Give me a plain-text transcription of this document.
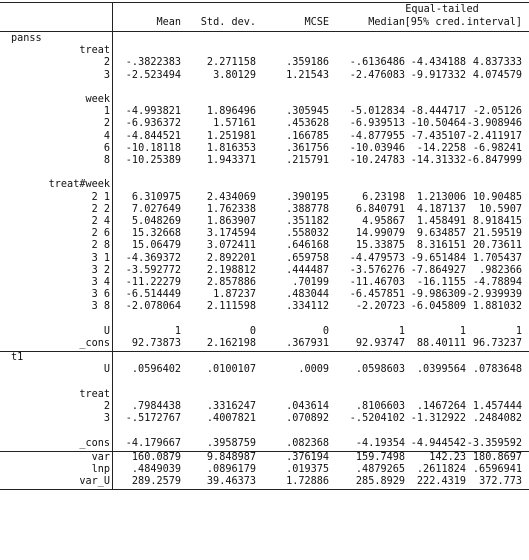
Equal-tailed
Mean Std. dev.	MCSE	Median [95% cred. interval]
panss
treat
2 -.3822383	2.271158	.359186 -.6136486 -4.434188 4.837333
3 -2.523494	3.80129	1.21543 -2.476083 -9.917332 4.074579
week
1 -4.993821	1.896496	.305945 -5.012834 -8.444717 -2.05126
2 -6.936372	1.57161	.453628 -6.939513 -10.50464 -3.908946
4 -4.844521	1.251981	.166785 -4.877955 -7.435107 -2.411917
6 -10.18118	1.816353	.361756 -10.03946 -14.2258 -6.98241
8 -10.25389	1.943371	.215791 -10.24783 -14.31332 -6.847999
treat#week
2 1 6.310975	2.434069	.390195	6.23198 1.213006 10.90485
2 2 7.027649	1.762338	.388778	6.840791 4.187137 10.5907
2 4 5.048269	1.863907	.351182	4.95867 1.458491 8.918415
2 6 15.32668	3.174594	.558032	14.99079 9.634857 21.59519
2 8 15.06479	3.072411	.646168	15.33875 8.316151 20.73611
3 1 -4.369372	2.892201	.659758 -4.479573 -9.651484 1.705437
3 2 -3.592772	2.198812	.444487 -3.576276 -7.864927 .982366
3 4 -11.22279	2.857886	.70199 -11.46703 -16.1155 -4.78894
3 6 -6.514449	1.87237	.483044 -6.457851 -9.986309 -2.939939
3 8 -2.078064	2.111598	.334112	-2.20723 -6.045809 1.881032
U	1	0	0	1	1	1
_cons 92.73873	2.162198	.367931	92.93747 88.40111 96.73237
t1
U .0596402	.0100107	.0009	.0598603 .0399564 .0783648
treat
2 .7984438	.3316247	.043614	.8106603 .1467264 1.457444
3 -.5172767	.4007821	.070892 -.5204102 -1.312922 .2484082
_cons -4.179667	.3958759	.082368	-4.19354 -4.944542 -3.359592
var 160.0879	9.848987	.376194	159.7498 142.23 180.8697
lnp .4849039	.0896179	.019375	.4879265 .2611824 .6596941
var_U 289.2579	39.46373	1.72886	285.8929 222.4319 372.773
